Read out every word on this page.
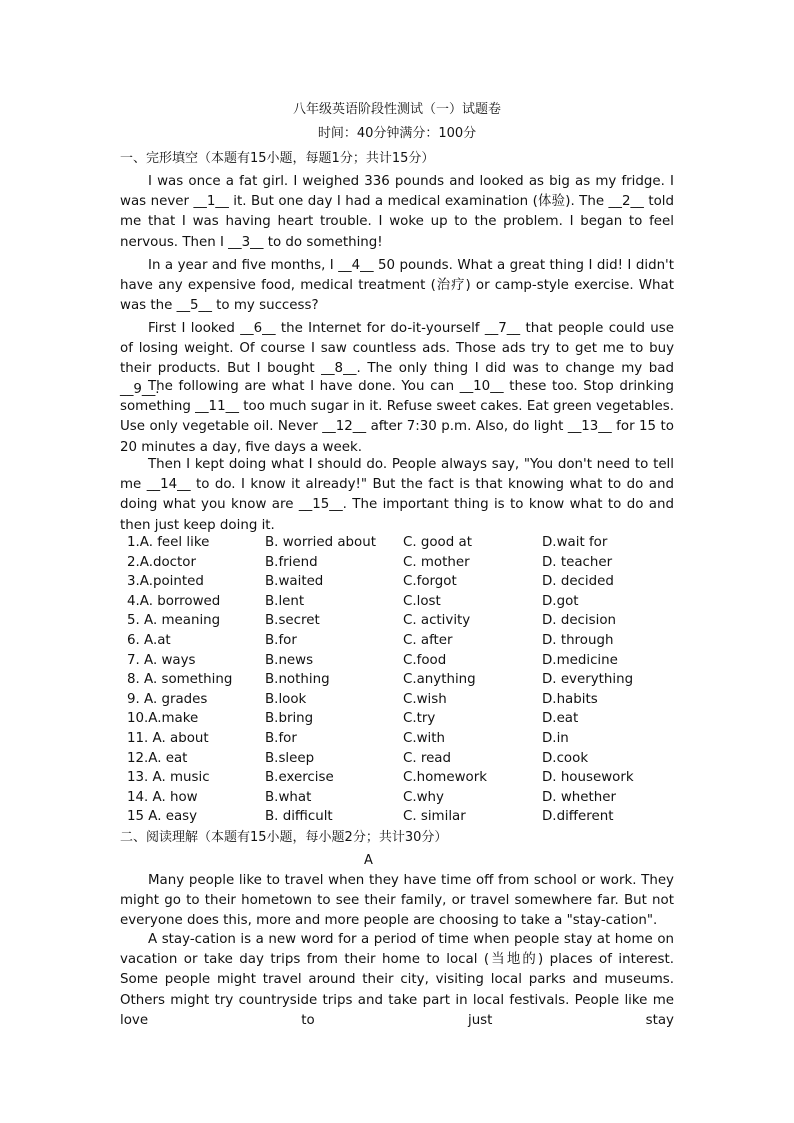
八年级英语阶段性测试（一）试题卷
时间：40分钟满分：100分
一、完形填空（本题有15小题，每题1分；共计15分）

I was once a fat girl. I weighed 336 pounds and looked as big as my fridge. I was never __1__ it. But one day I had a medical examination (体验). The __2__ told me that I was having heart trouble. I woke up to the problem. I began to feel nervous. Then I __3__ to do something!

In a year and five months, I __4__ 50 pounds. What a great thing I did! I didn't have any expensive food, medical treatment (治疗) or camp-style exercise. What was the __5__ to my success?

First I looked __6__ the Internet for do-it-yourself __7__ that people could use of losing weight. Of course I saw countless ads. Those ads try to get me to buy their products. But I bought __8__. The only thing I did was to change my bad __9__.

The following are what I have done. You can __10__ these too. Stop drinking something __11__ too much sugar in it. Refuse sweet cakes. Eat green vegetables. Use only vegetable oil. Never __12__ after 7:30 p.m. Also, do light __13__ for 15 to 20 minutes a day, five days a week.

Then I kept doing what I should do. People always say, "You don't need to tell me __14__ to do. I know it already!" But the fact is that knowing what to do and doing what you know are __15__. The important thing is to know what to do and then just keep doing it.

1.A. feel like	B. worried about C. good at	D.wait for
2.A.doctor	B.friend	C. mother	D. teacher
3.A.pointed	B.waited	C.forgot	D. decided
4.A. borrowed	B.lent	C.lost	D.got
5. A. meaning	B.secret	C. activity	D. decision
6. A.at	B.for	C. after	D. through
7. A. ways	B.news	C.food	D.medicine
8. A. something B.nothing	C.anything	D. everything
9. A. grades	B.look	C.wish	D.habits
10.A.make	B.bring	C.try	D.eat
11. A. about	B.for	C.with	D.in
12.A. eat	B.sleep	C. read	D.cook
13. A. music	B.exercise	C.homework	D. housework
14. A. how	B.what	C.why	D. whether
15 A. easy	B. difficult	C. similar	D.different
二、阅读理解（本题有15小题，每小题2分；共计30分）
A

Many people like to travel when they have time off from school or work. They might go to their hometown to see their family, or travel somewhere far. But not everyone does this, more and more people are choosing to take a "stay-cation".

A stay-cation is a new word for a period of time when people stay at home on vacation or take day trips from their home to local (当地的) places of interest. Some people might travel around their city, visiting local parks and museums. Others might try countryside trips and take part in local festivals. People like me love to just stay
